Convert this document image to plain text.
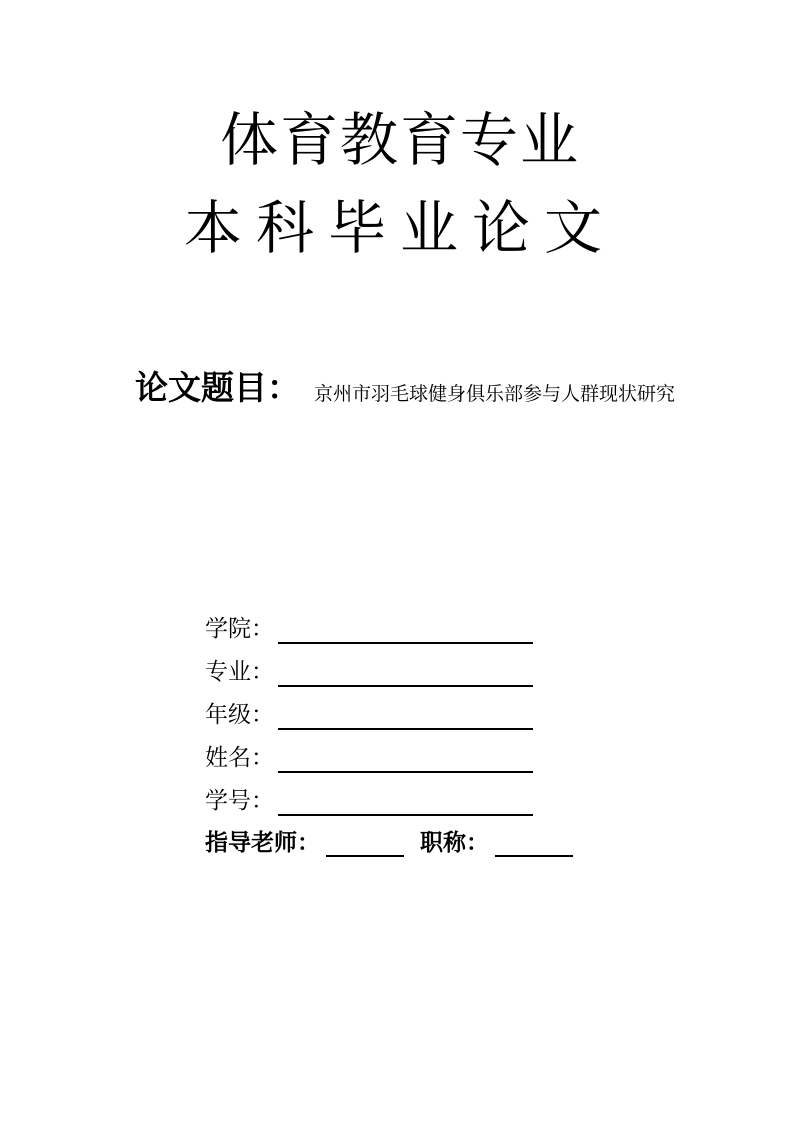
体育教育专业
本科毕业论文
论文题目： 京州市羽毛球健身俱乐部参与人群现状研究
学院：
专业：
年级：
姓名：
学号：
指导老师：	职称：
